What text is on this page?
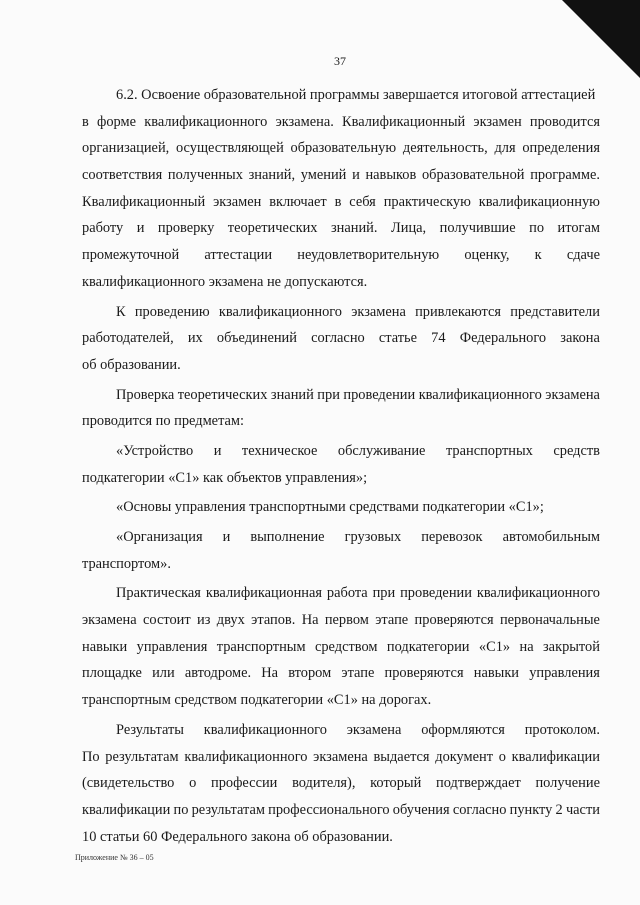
37
6.2. Освоение образовательной программы завершается итоговой аттестацией
в форме квалификационного экзамена. Квалификационный экзамен проводится
организацией, осуществляющей образовательную деятельность, для определения
соответствия полученных знаний, умений и навыков образовательной программе.
Квалификационный экзамен включает в себя практическую квалификационную
работу и проверку теоретических знаний. Лица, получившие по итогам
промежуточной аттестации неудовлетворительную оценку, к сдаче
квалификационного экзамена не допускаются.
К проведению квалификационного экзамена привлекаются представители
работодателей, их объединений согласно статье 74 Федерального закона
об образовании.
Проверка теоретических знаний при проведении квалификационного экзамена
проводится по предметам:
«Устройство и техническое обслуживание транспортных средств
подкатегории «С1» как объектов управления»;
«Основы управления транспортными средствами подкатегории «С1»;
«Организация и выполнение грузовых перевозок автомобильным
транспортом».
Практическая квалификационная работа при проведении квалификационного
экзамена состоит из двух этапов. На первом этапе проверяются первоначальные
навыки управления транспортным средством подкатегории «С1» на закрытой
площадке или автодроме. На втором этапе проверяются навыки управления
транспортным средством подкатегории «С1» на дорогах.
Результаты квалификационного экзамена оформляются протоколом.
По результатам квалификационного экзамена выдается документ о квалификации
(свидетельство о профессии водителя), который подтверждает получение
квалификации по результатам профессионального обучения согласно пункту 2 части
10 статьи 60 Федерального закона об образовании.
Приложение № 36 – 05
